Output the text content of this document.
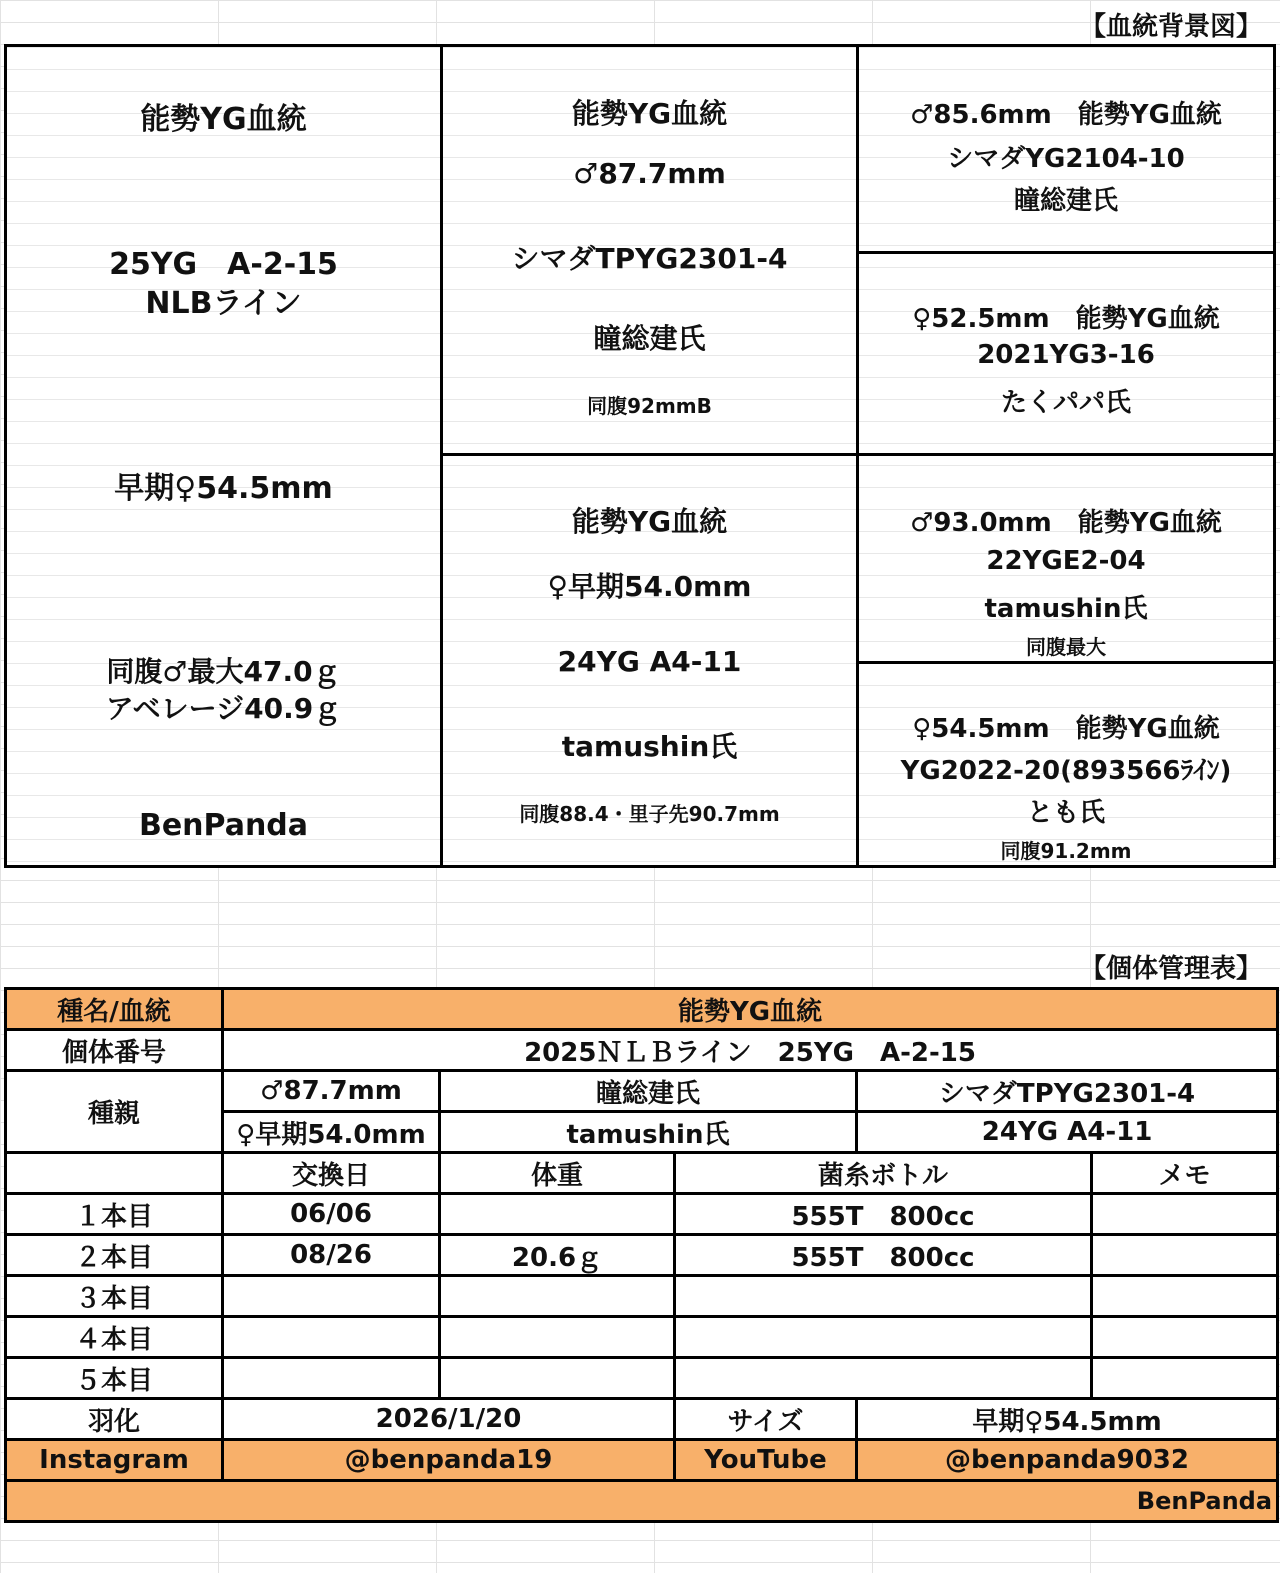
【血統背景図】
能勢YG血統
25YG　A-2-15
NLBライン
早期♀54.5mm
同腹♂最大47.0ｇ
アベレージ40.9ｇ
BenPanda
能勢YG血統
♂87.7mm
シマダTPYG2301-4
瞳総建氏
同腹92mmB
能勢YG血統
♀早期54.0mm
24YG A4-11
tamushin氏
同腹88.4・里子先90.7mm
♂85.6mm　能勢YG血統
シマダYG2104-10
瞳総建氏
♀52.5mm　能勢YG血統
2021YG3-16
たくパパ氏
♂93.0mm　能勢YG血統
22YGE2-04
tamushin氏
同腹最大
♀54.5mm　能勢YG血統
YG2022-20(893566ﾗｲﾝ)
とも氏
同腹91.2mm
【個体管理表】
種名/血統	能勢YG血統				
個体番号	2025ＮＬＢライン　25YG　A-2-15				
種親	♂87.7mm	瞳総建氏		シマダTPYG2301-4	
	♀早期54.0mm	tamushin氏		24YG A4-11	
	交換日	体重	菌糸ボトル		メモ
１本目	06/06		555T　800cc		
２本目	08/26	20.6ｇ	555T　800cc		
３本目					
４本目					
５本目					
羽化	2026/1/20		サイズ	早期♀54.5mm	
Instagram	@benpanda19		YouTube	@benpanda9032	
BenPanda					
